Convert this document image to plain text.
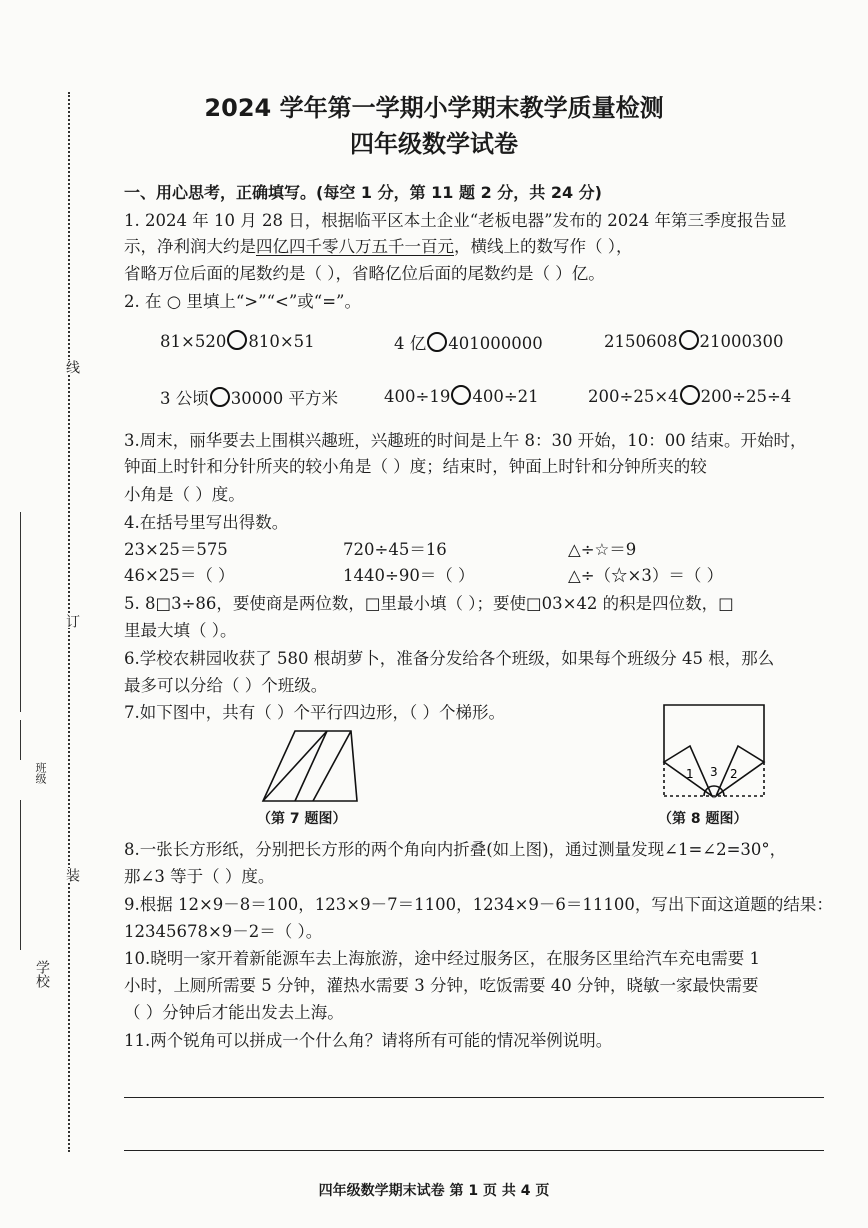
线
订
装
班级
学校
2024 学年第一学期小学期末教学质量检测
四年级数学试卷
一、用心思考，正确填写。(每空 1 分，第 11 题 2 分，共 24 分)
1. 2024 年 10 月 28 日，根据临平区本土企业“老板电器”发布的 2024 年第三季度报告显
示，净利润大约是四亿四千零八万五千一百元，横线上的数写作（ ），
省略万位后面的尾数约是（ ），省略亿位后面的尾数约是（ ）亿。
2. 在 ○ 里填上“>”“<”或“=”。
81×520 810×51	4 亿 401000000	2150608 21000300
3 公顷 30000 平方米	400÷19 400÷21	200÷25×4 200÷25÷4
3.周末，丽华要去上围棋兴趣班，兴趣班的时间是上午 8：30 开始，10：00 结束。开始时，
钟面上时针和分针所夹的较小角是（ ）度；结束时，钟面上时针和分钟所夹的较
小角是（ ）度。
4.在括号里写出得数。
23×25＝575	720÷45＝16	△÷☆＝9
46×25＝（ ）	1440÷90＝（ ）	△÷（☆×3）＝（ ）
5. 8□3÷86，要使商是两位数，□里最小填（ ）；要使□03×42 的积是四位数，□
里最大填（ ）。
6.学校农耕园收获了 580 根胡萝卜，准备分发给各个班级，如果每个班级分 45 根，那么
最多可以分给（ ）个班级。
7.如下图中，共有（ ）个平行四边形，（ ）个梯形。
（第 7 题图）
1 3 2
（第 8 题图）
8.一张长方形纸，分别把长方形的两个角向内折叠(如上图)，通过测量发现∠1=∠2=30°，
那∠3 等于（ ）度。
9.根据 12×9－8＝100，123×9－7＝1100，1234×9－6＝11100，写出下面这道题的结果：
12345678×9－2＝（ ）。
10.晓明一家开着新能源车去上海旅游，途中经过服务区，在服务区里给汽车充电需要 1
小时，上厕所需要 5 分钟，灌热水需要 3 分钟，吃饭需要 40 分钟，晓敏一家最快需要
（ ）分钟后才能出发去上海。
11.两个锐角可以拼成一个什么角？请将所有可能的情况举例说明。
四年级数学期末试卷 第 1 页 共 4 页
